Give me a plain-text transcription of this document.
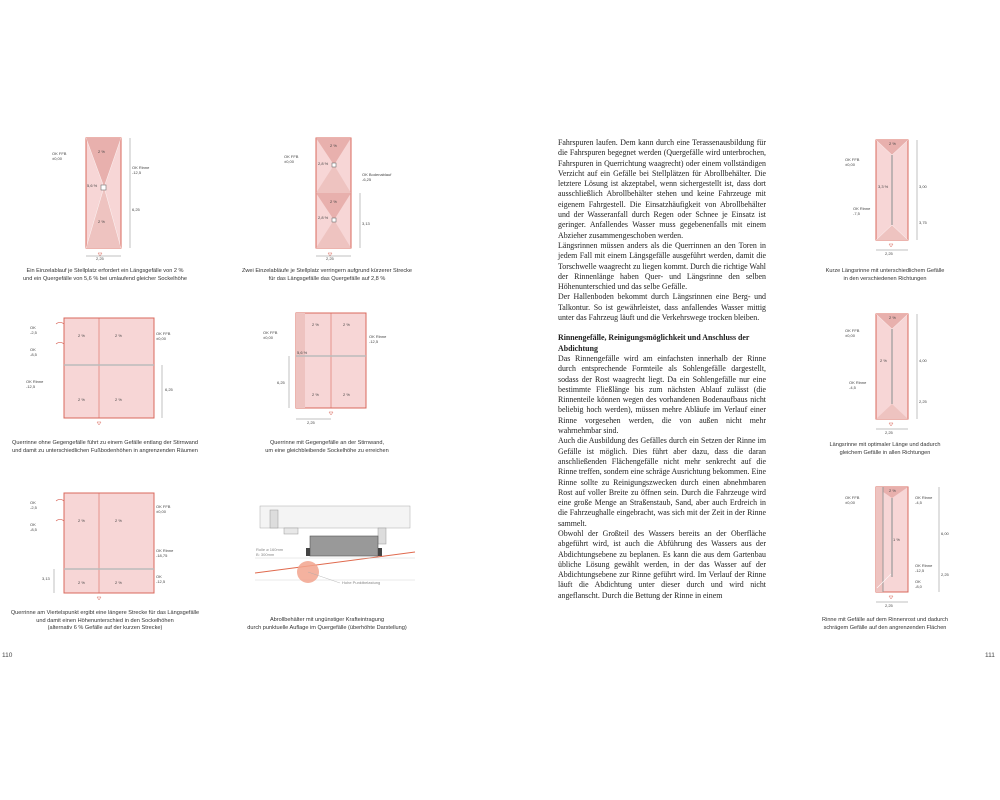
OK FFB
±0,00
OK Rinne
-12,5
2 %
2 %
5,6 %
2,25
6,25
Ein Einzelablauf je Stellplatz erfordert ein Längsgefälle von 2 %
und ein Quergefälle von 5,6 % bei umlaufend gleicher Sockelhöhe
OK FFB
±0,00
OK Bodenablauf
-6,25
2 %
2 %
2,8 %
2,8 %
2,25
3,13
Zwei Einzelabläufe je Stellplatz verringern aufgrund kürzerer Strecke
für das Längsgefälle das Quergefälle auf 2,8 %
OK
-2,5
OK
-8,5
OK Rinne
-12,5
OK FFB
±0,00
2 %	2 %
2 %	2 %
6,25
Querrinne ohne Gegengefälle führt zu einem Gefälle entlang der Stirnwand
und damit zu unterschiedlichen Fußbodenhöhen in angrenzenden Räumen
OK FFB
±0,00	OK Rinne
-12,5
2 %	2 %
2 %	2 %
5,6 %
2,25
6,25
Querrinne mit Gegengefälle an der Stirnwand,
um eine gleichbleibende Sockelhöhe zu erreichen
OK
-2,5
OK
-8,5
OK FFB
±0,00
OK Rinne
-18,75
OK
-12,5
2 %	2 %
2 %	2 %
3,13
Querrinne am Viertelspunkt ergibt eine längere Strecke für das Längsgefälle
und damit einen Höhenunterschied in den Sockelhöhen
(alternativ 6 % Gefälle auf der kurzen Strecke)
Rolle ø 160mm
B: 300mm
Hohe Punktbelastung
Abrollbehälter mit ungünstiger Krafteintragung
durch punktuelle Auflage im Quergefälle (überhöhte Darstellung)
110

Fahrspuren laufen. Dem kann durch eine Terassenausbildung für die Fahrspuren begegnet werden (Quergefälle wird unterbrochen, Fahrspuren in Querrichtung waagrecht) oder einem vollständigen Verzicht auf ein Gefälle bei Stellplätzen für Abrollbehälter. Die letztere Lösung ist akzeptabel, wenn sichergestellt ist, dass dort ausschließlich Abrollbehälter stehen und keine Fahrzeuge mit eigenem Fahrgestell. Die Einsatzhäufigkeit von Abrollbehälter und der Wasseranfall durch Regen oder Schnee je Einsatz ist geringer. Anfallendes Wasser muss gegebenenfalls mit einem Abzieher zusammengeschoben werden.

Längsrinnen müssen anders als die Querrinnen an den Toren in jedem Fall mit einem Längsgefälle ausgeführt werden, damit die Torschwelle waagrecht zu liegen kommt. Durch die richtige Wahl der Rinnenlänge haben Quer- und Längsrinne den selben Höhenunterschied und das selbe Gefälle.

Der Hallenboden bekommt durch Längsrinnen eine Berg- und Talkontur. So ist gewährleistet, dass anfallendes Wasser mittig unter das Fahrzeug läuft und die Verkehrswege trocken bleiben.

Rinnengefälle, Reinigungsmöglichkeit und Anschluss der Abdichtung

Das Rinnengefälle wird am einfachsten innerhalb der Rinne durch entsprechende Formteile als Sohlengefälle dargestellt, sodass der Rost waagrecht liegt. Da ein Sohlengefälle nur eine bestimmte Fließlänge bis zum nächsten Ablauf zulässt (die Rinnenteile können wegen des vorhandenen Bodenaufbaus nicht beliebig hoch werden), müssen mehre Abläufe im Verlauf einer Rinne vorgesehen werden, die von außen nicht mehr wahrnehmbar sind.

Auch die Ausbildung des Gefälles durch ein Setzen der Rinne im Gefälle ist möglich. Dies führt aber dazu, dass die daran anschließenden Flächengefälle nicht mehr senkrecht auf die Rinne treffen, sondern eine schräge Ausrichtung bekommen. Eine Rinne sollte zu Reinigungszwecken durch einen abnehmbaren Rost auf voller Breite zu öffnen sein. Durch die Fahrzeuge wird eine große Menge an Straßenstaub, Sand, aber auch Erdreich in die Fahrzeughalle eingebracht, was sich mit der Zeit in der Rinne sammelt.

Obwohl der Großteil des Wassers bereits an der Oberfläche abgeführt wird, ist auch die Abführung des Wassers aus der Abdichtungsebene zu beplanen. Es kann die aus dem Gartenbau übliche Lösung gewählt werden, in der das Wasser auf der Abdichtungsebene zur Rinne geführt wird. Im Verlauf der Rinne läuft die Abdichtung unter dieser durch und wird nicht angeflanscht. Durch die Bettung der Rinne in einem

OK FFB
±0,00
OK Rinne
-7,5
2 %
3,3 %
2,25
3,00
3,75
Kurze Längsrinne mit unterschiedlichem Gefälle
in den verschiedenen Richtungen
OK FFB
±0,00
OK Rinne
-4,5
2 %
2 %
2,25
4,00
2,25
Längsrinne mit optimaler Länge und dadurch
gleichem Gefälle in allen Richtungen
OK FFB
±0,00
OK Rinne
-4,5
OK Rinne
-12,5
OK
-8,0
2 %
1 %
2,25
6,00
2,25
Rinne mit Gefälle auf dem Rinnenrost und dadurch
schrägem Gefälle auf den angrenzenden Flächen
111
